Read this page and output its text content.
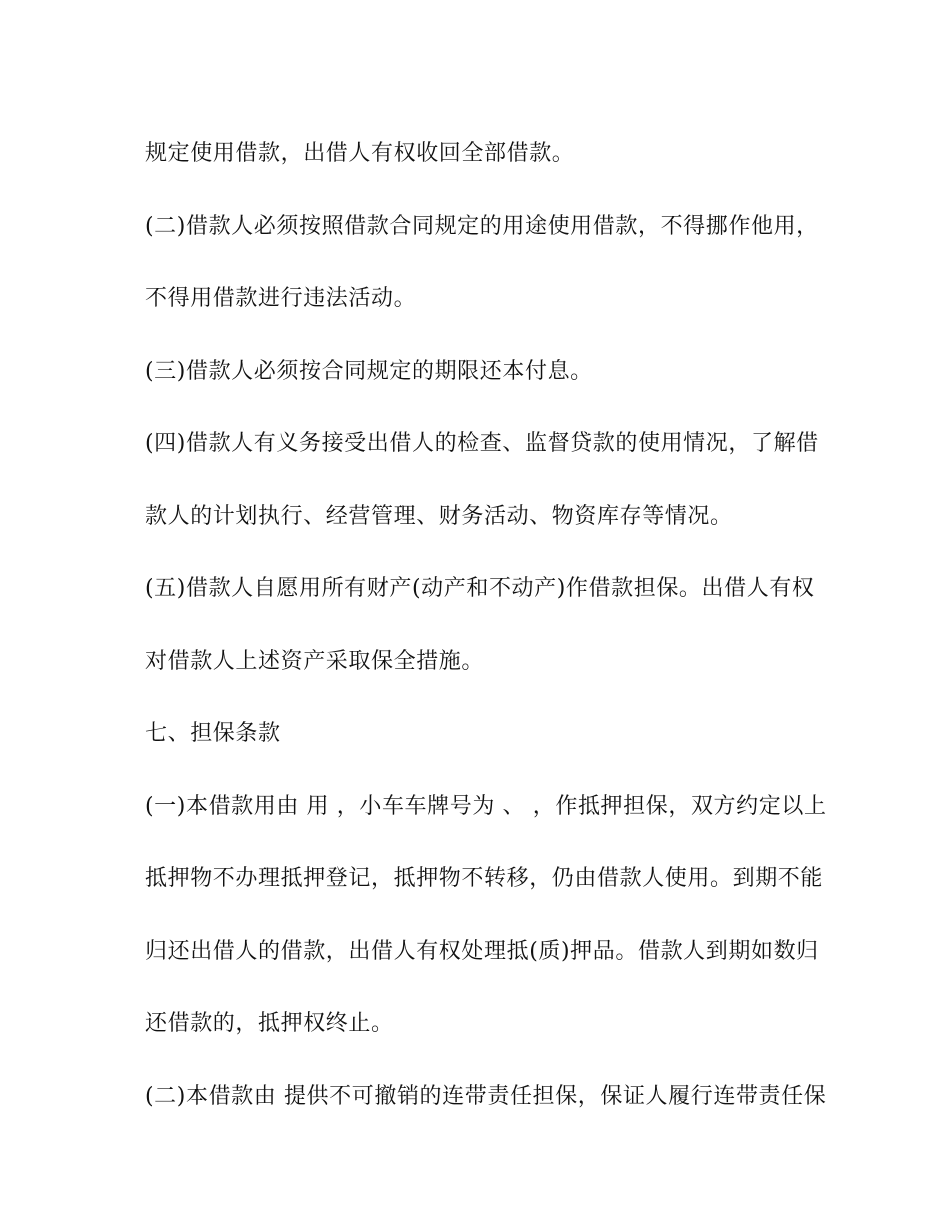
规定使用借款，出借人有权收回全部借款。
(二)借款人必须按照借款合同规定的用途使用借款，不得挪作他用，
不得用借款进行违法活动。
(三)借款人必须按合同规定的期限还本付息。
(四)借款人有义务接受出借人的检查、监督贷款的使用情况，了解借
款人的计划执行、经营管理、财务活动、物资库存等情况。
(五)借款人自愿用所有财产(动产和不动产)作借款担保。出借人有权
对借款人上述资产采取保全措施。
七、担保条款
(一)本借款用由 用 ，小车车牌号为 、 ，作抵押担保，双方约定以上
抵押物不办理抵押登记，抵押物不转移，仍由借款人使用。到期不能
归还出借人的借款，出借人有权处理抵(质)押品。借款人到期如数归
还借款的，抵押权终止。
(二)本借款由 提供不可撤销的连带责任担保，保证人履行连带责任保
